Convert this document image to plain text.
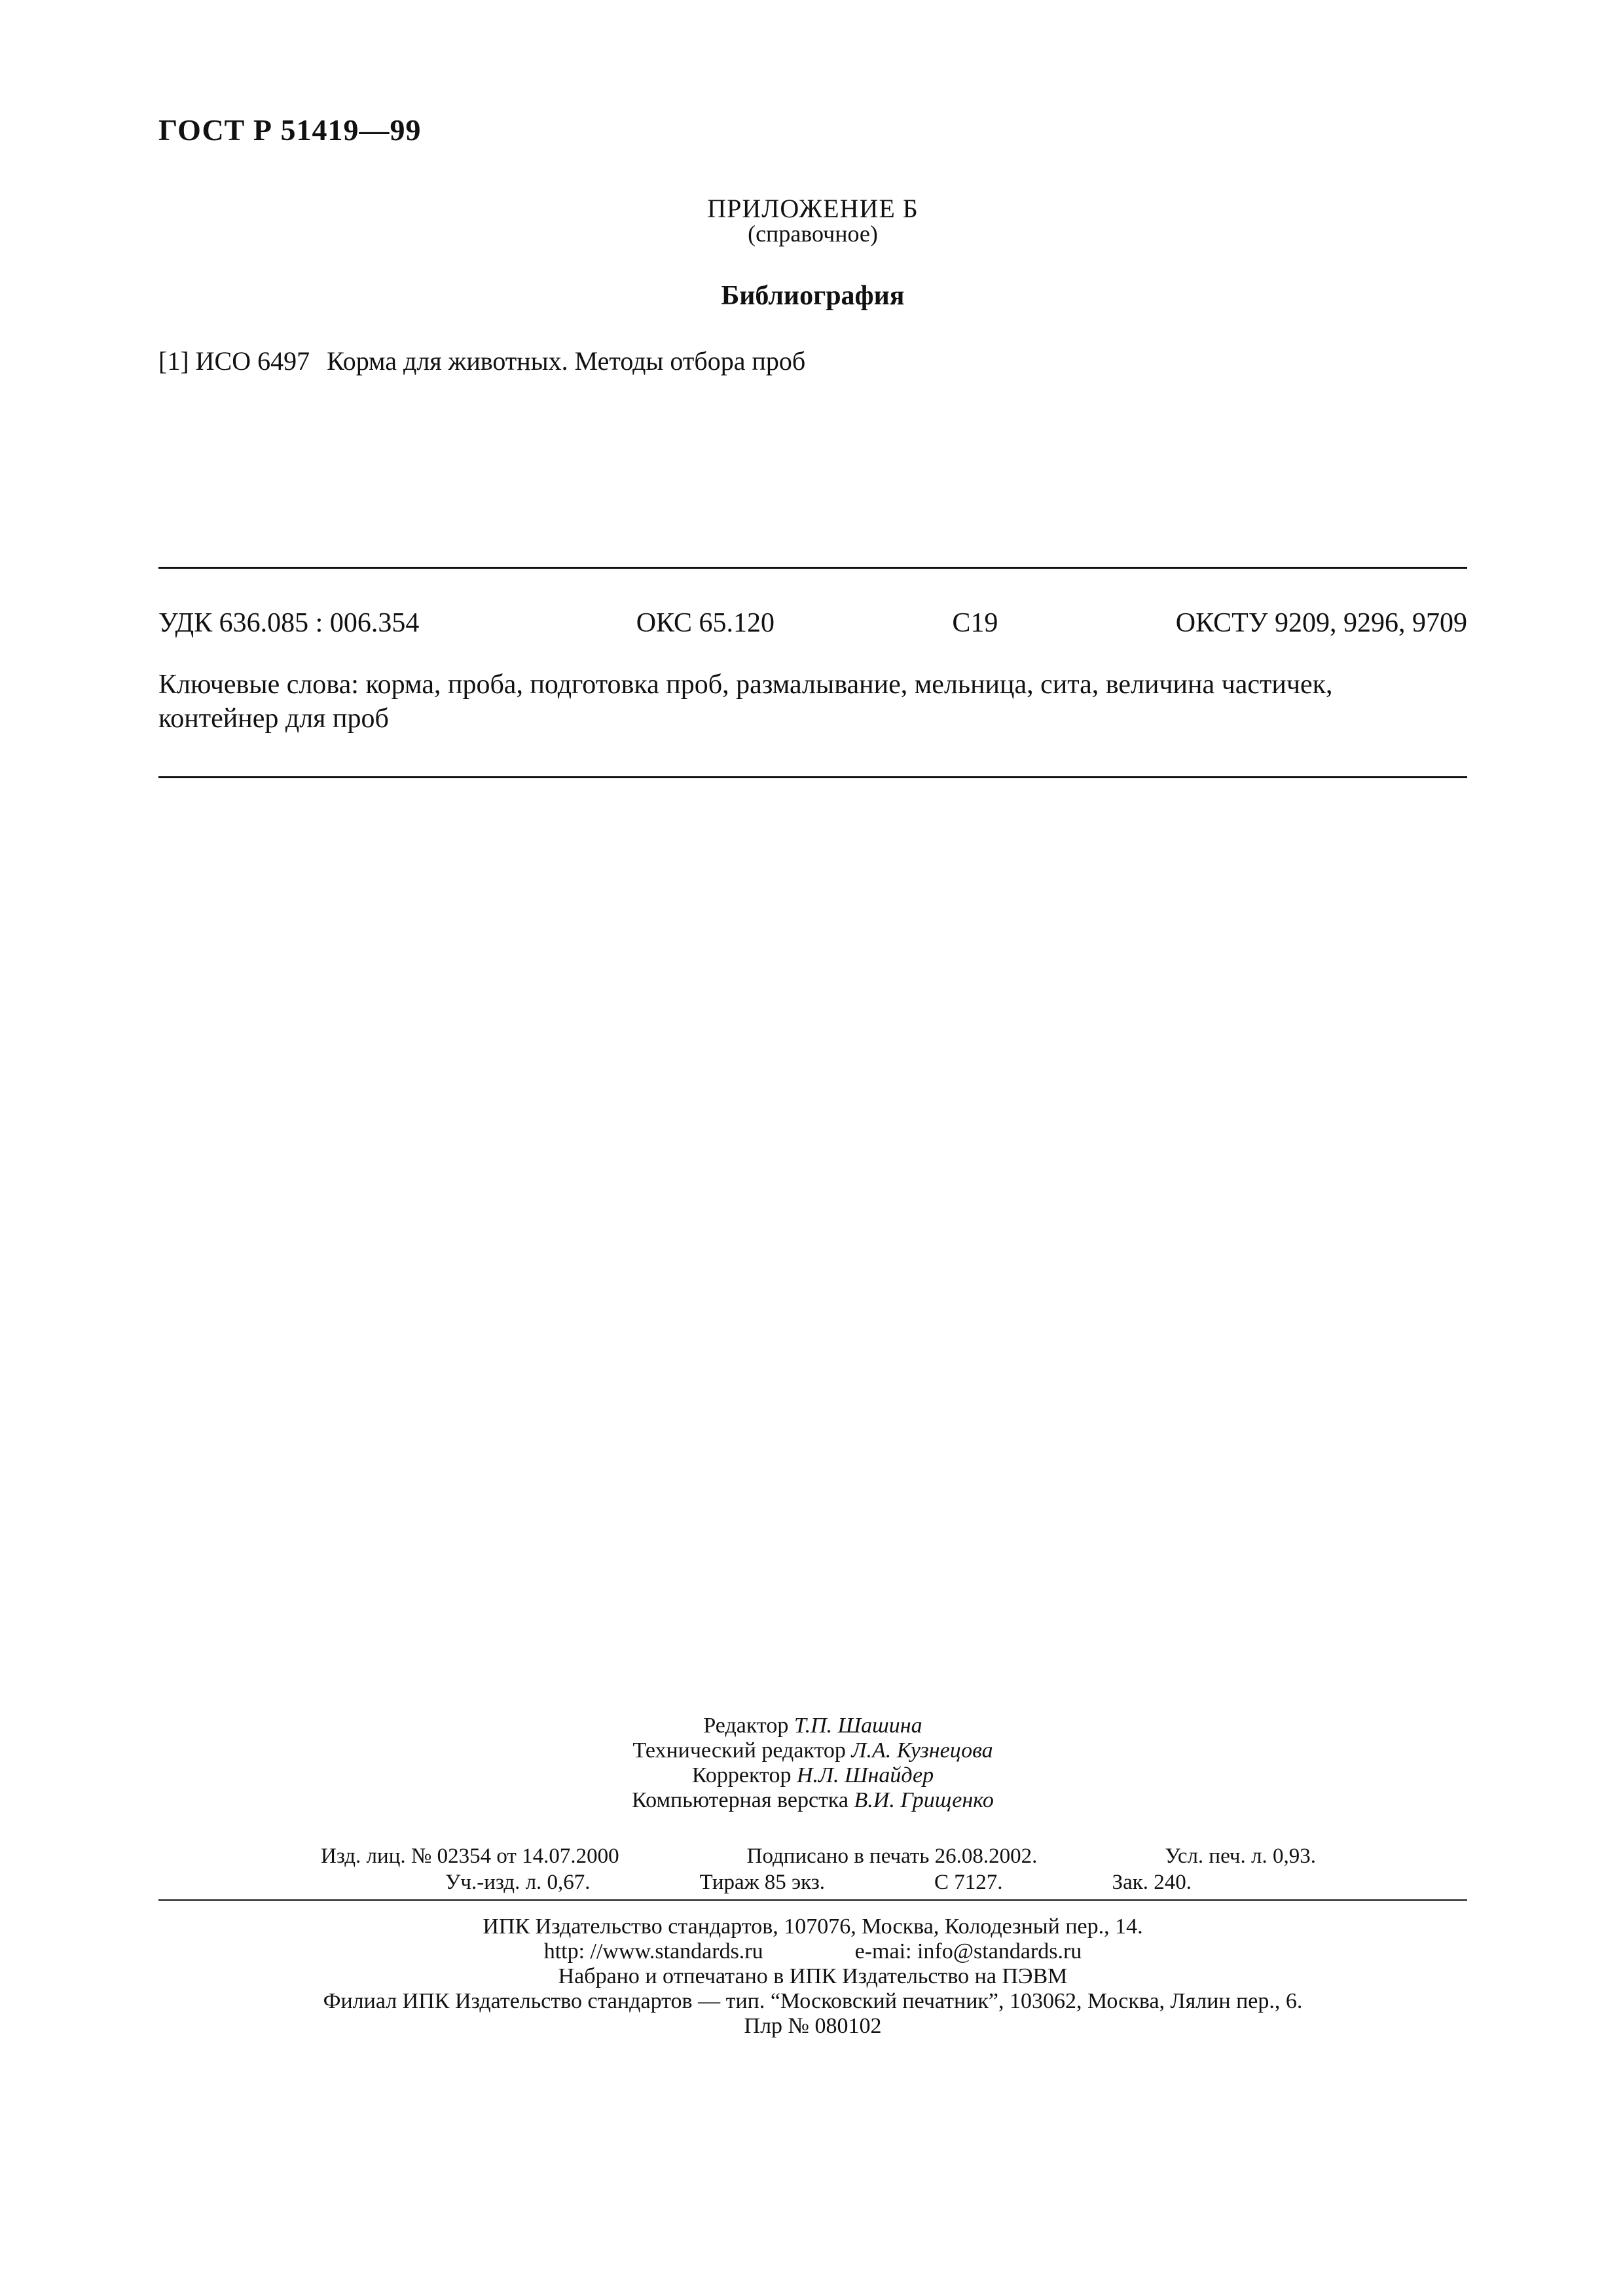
ГОСТ Р 51419—99
ПРИЛОЖЕНИЕ Б
(справочное)
Библиография
[1] ИСО 6497 Корма для животных. Методы отбора проб
УДК 636.085 : 006.354	ОКС 65.120	С19	ОКСТУ 9209, 9296, 9709
Ключевые слова: корма, проба, подготовка проб, размалывание, мельница, сита, величина частичек,
контейнер для проб
Редактор Т.П. Шашина
Технический редактор Л.А. Кузнецова
Корректор Н.Л. Шнайдер
Компьютерная верстка В.И. Грищенко
Изд. лиц. № 02354 от 14.07.2000	Подписано в печать 26.08.2002.	Усл. печ. л. 0,93.
Уч.-изд. л. 0,67.	Тираж 85 экз.	С 7127.	Зак. 240.
ИПК Издательство стандартов, 107076, Москва, Колодезный пер., 14.
http: //www.standards.ru	e-mai: info@standards.ru
Набрано и отпечатано в ИПК Издательство на ПЭВМ
Филиал ИПК Издательство стандартов — тип. “Московский печатник”, 103062, Москва, Лялин пер., 6.
Плр № 080102
